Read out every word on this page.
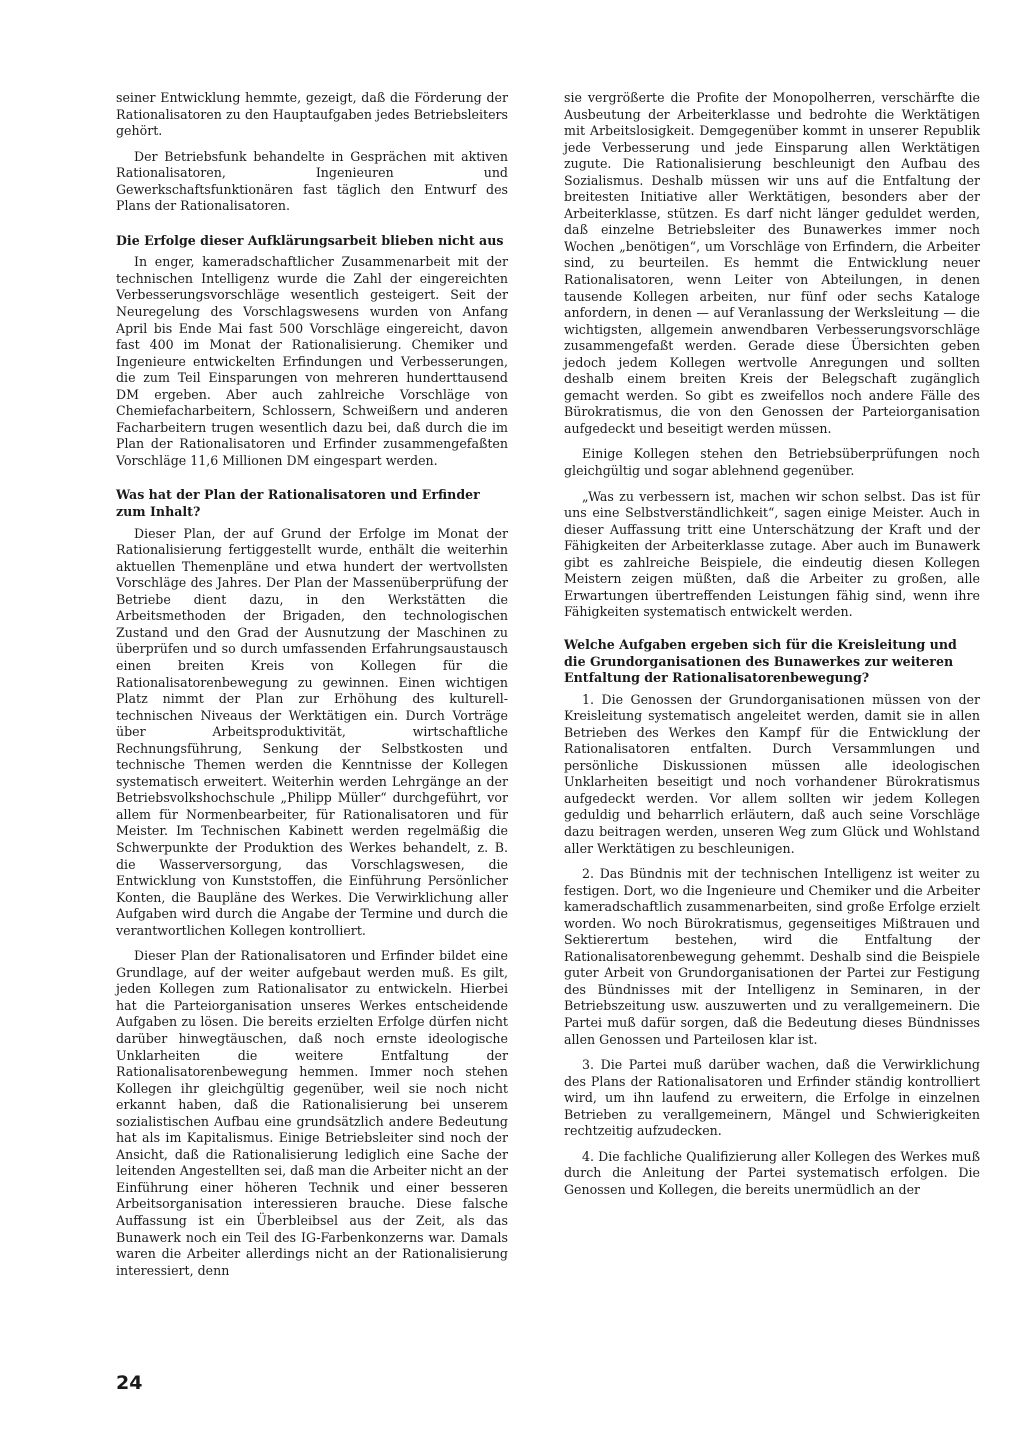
seiner Entwicklung hemmte, gezeigt, daß die Förderung der Rationalisatoren zu den Hauptaufgaben jedes Betriebsleiters gehört.

Der Betriebsfunk behandelte in Gesprächen mit aktiven Rationalisatoren, Ingenieuren und Gewerkschaftsfunktionären fast täglich den Entwurf des Plans der Rationalisatoren.

Die Erfolge dieser Aufklärungsarbeit blieben nicht aus

In enger, kameradschaftlicher Zusammenarbeit mit der technischen Intelligenz wurde die Zahl der eingereichten Verbesserungsvorschläge wesentlich gesteigert. Seit der Neuregelung des Vorschlagswesens wurden von Anfang April bis Ende Mai fast 500 Vorschläge eingereicht, davon fast 400 im Monat der Rationalisierung. Chemiker und Ingenieure entwickelten Erfindungen und Verbesserungen, die zum Teil Einsparungen von mehreren hunderttausend DM ergeben. Aber auch zahlreiche Vorschläge von Chemiefacharbeitern, Schlossern, Schweißern und anderen Facharbeitern trugen wesentlich dazu bei, daß durch die im Plan der Rationalisatoren und Erfinder zusammengefaßten Vorschläge 11,6 Millionen DM eingespart werden.

Was hat der Plan der Rationalisatoren und Erfinder zum Inhalt?

Dieser Plan, der auf Grund der Erfolge im Monat der Rationalisierung fertiggestellt wurde, enthält die weiterhin aktuellen Themenpläne und etwa hundert der wertvollsten Vorschläge des Jahres. Der Plan der Massenüberprüfung der Betriebe dient dazu, in den Werkstätten die Arbeitsmethoden der Brigaden, den technologischen Zustand und den Grad der Ausnutzung der Maschinen zu überprüfen und so durch umfassenden Erfahrungsaustausch einen breiten Kreis von Kollegen für die Rationalisatorenbewegung zu gewinnen. Einen wichtigen Platz nimmt der Plan zur Erhöhung des kulturell-technischen Niveaus der Werktätigen ein. Durch Vorträge über Arbeitsproduktivität, wirtschaftliche Rechnungsführung, Senkung der Selbstkosten und technische Themen werden die Kenntnisse der Kollegen systematisch erweitert. Weiterhin werden Lehrgänge an der Betriebsvolkshochschule „Philipp Müller“ durchgeführt, vor allem für Normenbearbeiter, für Rationalisatoren und für Meister. Im Technischen Kabinett werden regelmäßig die Schwerpunkte der Produktion des Werkes behandelt, z. B. die Wasserversorgung, das Vorschlagswesen, die Entwicklung von Kunststoffen, die Einführung Persönlicher Konten, die Baupläne des Werkes. Die Verwirklichung aller Aufgaben wird durch die Angabe der Termine und durch die verantwortlichen Kollegen kontrolliert.

Dieser Plan der Rationalisatoren und Erfinder bildet eine Grundlage, auf der weiter aufgebaut werden muß. Es gilt, jeden Kollegen zum Rationalisator zu entwickeln. Hierbei hat die Parteiorganisation unseres Werkes entscheidende Aufgaben zu lösen. Die bereits erzielten Erfolge dürfen nicht darüber hinwegtäuschen, daß noch ernste ideologische Unklarheiten die weitere Entfaltung der Rationalisatorenbewegung hemmen. Immer noch stehen Kollegen ihr gleichgültig gegenüber, weil sie noch nicht erkannt haben, daß die Rationalisierung bei unserem sozialistischen Aufbau eine grundsätzlich andere Bedeutung hat als im Kapitalismus. Einige Betriebsleiter sind noch der Ansicht, daß die Rationalisierung lediglich eine Sache der leitenden Angestellten sei, daß man die Arbeiter nicht an der Einführung einer höheren Technik und einer besseren Arbeitsorganisation interessieren brauche. Diese falsche Auffassung ist ein Überbleibsel aus der Zeit, als das Bunawerk noch ein Teil des IG-Farbenkonzerns war. Damals waren die Arbeiter allerdings nicht an der Rationalisierung interessiert, denn

sie vergrößerte die Profite der Monopolherren, verschärfte die Ausbeutung der Arbeiterklasse und bedrohte die Werktätigen mit Arbeitslosigkeit. Demgegenüber kommt in unserer Republik jede Verbesserung und jede Einsparung allen Werktätigen zugute. Die Rationalisierung beschleunigt den Aufbau des Sozialismus. Deshalb müssen wir uns auf die Entfaltung der breitesten Initiative aller Werktätigen, besonders aber der Arbeiterklasse, stützen. Es darf nicht länger geduldet werden, daß einzelne Betriebsleiter des Bunawerkes immer noch Wochen „benötigen“, um Vorschläge von Erfindern, die Arbeiter sind, zu beurteilen. Es hemmt die Entwicklung neuer Rationalisatoren, wenn Leiter von Abteilungen, in denen tausende Kollegen arbeiten, nur fünf oder sechs Kataloge anfordern, in denen — auf Veranlassung der Werksleitung — die wichtigsten, allgemein anwendbaren Verbesserungsvorschläge zusammengefaßt werden. Gerade diese Übersichten geben jedoch jedem Kollegen wertvolle Anregungen und sollten deshalb einem breiten Kreis der Belegschaft zugänglich gemacht werden. So gibt es zweifellos noch andere Fälle des Bürokratismus, die von den Genossen der Parteiorganisation aufgedeckt und beseitigt werden müssen.

Einige Kollegen stehen den Betriebsüberprüfungen noch gleichgültig und sogar ablehnend gegenüber.

„Was zu verbessern ist, machen wir schon selbst. Das ist für uns eine Selbstverständlichkeit“, sagen einige Meister. Auch in dieser Auffassung tritt eine Unterschätzung der Kraft und der Fähigkeiten der Arbeiterklasse zutage. Aber auch im Bunawerk gibt es zahlreiche Beispiele, die eindeutig diesen Kollegen Meistern zeigen müßten, daß die Arbeiter zu großen, alle Erwartungen übertreffenden Leistungen fähig sind, wenn ihre Fähigkeiten systematisch entwickelt werden.

Welche Aufgaben ergeben sich für die Kreisleitung und die Grundorganisationen des Bunawerkes zur weiteren Entfaltung der Rationalisatorenbewegung?

1. Die Genossen der Grundorganisationen müssen von der Kreisleitung systematisch angeleitet werden, damit sie in allen Betrieben des Werkes den Kampf für die Entwicklung der Rationalisatoren entfalten. Durch Versammlungen und persönliche Diskussionen müssen alle ideologischen Unklarheiten beseitigt und noch vorhandener Bürokratismus aufgedeckt werden. Vor allem sollten wir jedem Kollegen geduldig und beharrlich erläutern, daß auch seine Vorschläge dazu beitragen werden, unseren Weg zum Glück und Wohlstand aller Werktätigen zu beschleunigen.

2. Das Bündnis mit der technischen Intelligenz ist weiter zu festigen. Dort, wo die Ingenieure und Chemiker und die Arbeiter kameradschaftlich zusammenarbeiten, sind große Erfolge erzielt worden. Wo noch Bürokratismus, gegenseitiges Mißtrauen und Sektierertum bestehen, wird die Entfaltung der Rationalisatorenbewegung gehemmt. Deshalb sind die Beispiele guter Arbeit von Grundorganisationen der Partei zur Festigung des Bündnisses mit der Intelligenz in Seminaren, in der Betriebszeitung usw. auszuwerten und zu verallgemeinern. Die Partei muß dafür sorgen, daß die Bedeutung dieses Bündnisses allen Genossen und Parteilosen klar ist.

3. Die Partei muß darüber wachen, daß die Verwirklichung des Plans der Rationalisatoren und Erfinder ständig kontrolliert wird, um ihn laufend zu erweitern, die Erfolge in einzelnen Betrieben zu verallgemeinern, Mängel und Schwierigkeiten rechtzeitig aufzudecken.

4. Die fachliche Qualifizierung aller Kollegen des Werkes muß durch die Anleitung der Partei systematisch erfolgen. Die Genossen und Kollegen, die bereits unermüdlich an der

24
